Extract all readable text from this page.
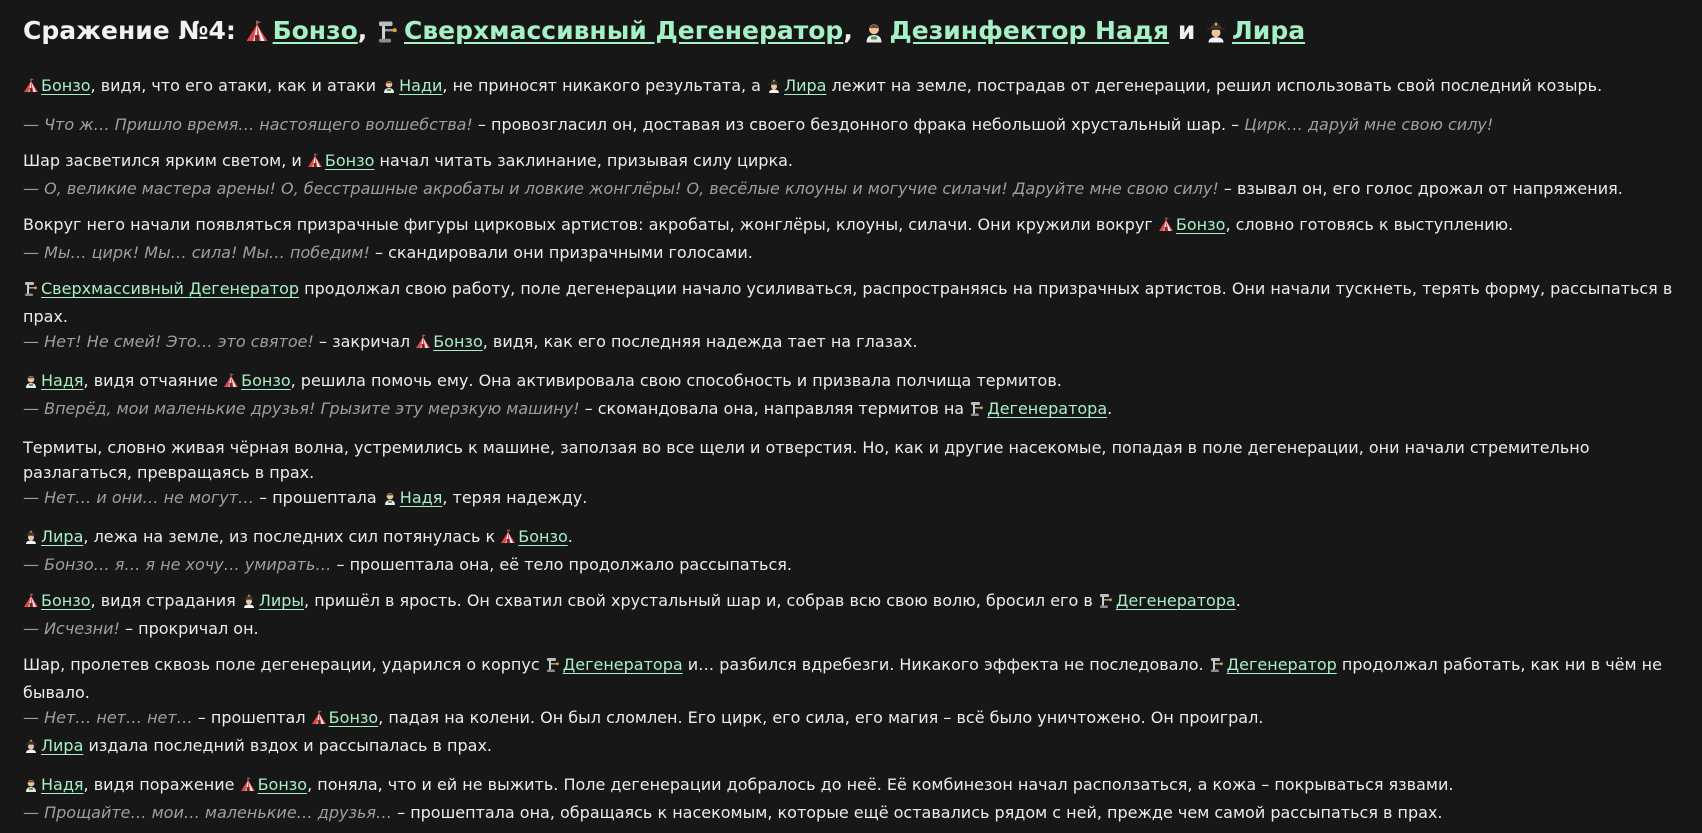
Сражение №4: Бонзо, Сверхмассивный Дегенератор, Дезинфектор Надя и Лира
Бонзо, видя, что его атаки, как и атаки Нади, не приносят никакого результата, а Лира лежит на земле, пострадав от дегенерации, решил использовать свой последний козырь.
— Что ж… Пришло время… настоящего волшебства! – провозгласил он, доставая из своего бездонного фрака небольшой хрустальный шар. – Цирк… даруй мне свою силу!
Шар засветился ярким светом, и Бонзо начал читать заклинание, призывая силу цирка.
— О, великие мастера арены! О, бесстрашные акробаты и ловкие жонглёры! О, весёлые клоуны и могучие силачи! Даруйте мне свою силу! – взывал он, его голос дрожал от напряжения.
Вокруг него начали появляться призрачные фигуры цирковых артистов: акробаты, жонглёры, клоуны, силачи. Они кружили вокруг Бонзо, словно готовясь к выступлению.
— Мы… цирк! Мы… сила! Мы… победим! – скандировали они призрачными голосами.
Сверхмассивный Дегенератор продолжал свою работу, поле дегенерации начало усиливаться, распространяясь на призрачных артистов. Они начали тускнеть, терять форму, рассыпаться в прах.
— Нет! Не смей! Это… это святое! – закричал Бонзо, видя, как его последняя надежда тает на глазах.
Надя, видя отчаяние Бонзо, решила помочь ему. Она активировала свою способность и призвала полчища термитов.
— Вперёд, мои маленькие друзья! Грызите эту мерзкую машину! – скомандовала она, направляя термитов на Дегенератора.
Термиты, словно живая чёрная волна, устремились к машине, заползая во все щели и отверстия. Но, как и другие насекомые, попадая в поле дегенерации, они начали стремительно разлагаться, превращаясь в прах.
— Нет… и они… не могут… – прошептала Надя, теряя надежду.
Лира, лежа на земле, из последних сил потянулась к Бонзо.
— Бонзо… я… я не хочу… умирать… – прошептала она, её тело продолжало рассыпаться.
Бонзо, видя страдания Лиры, пришёл в ярость. Он схватил свой хрустальный шар и, собрав всю свою волю, бросил его в Дегенератора.
— Исчезни! – прокричал он.
Шар, пролетев сквозь поле дегенерации, ударился о корпус Дегенератора и… разбился вдребезги. Никакого эффекта не последовало. Дегенератор продолжал работать, как ни в чём не бывало.
— Нет… нет… нет… – прошептал Бонзо, падая на колени. Он был сломлен. Его цирк, его сила, его магия – всё было уничтожено. Он проиграл.
Лира издала последний вздох и рассыпалась в прах.
Надя, видя поражение Бонзо, поняла, что и ей не выжить. Поле дегенерации добралось до неё. Её комбинезон начал расползаться, а кожа – покрываться язвами.
— Прощайте… мои… маленькие… друзья… – прошептала она, обращаясь к насекомым, которые ещё оставались рядом с ней, прежде чем самой рассыпаться в прах.
